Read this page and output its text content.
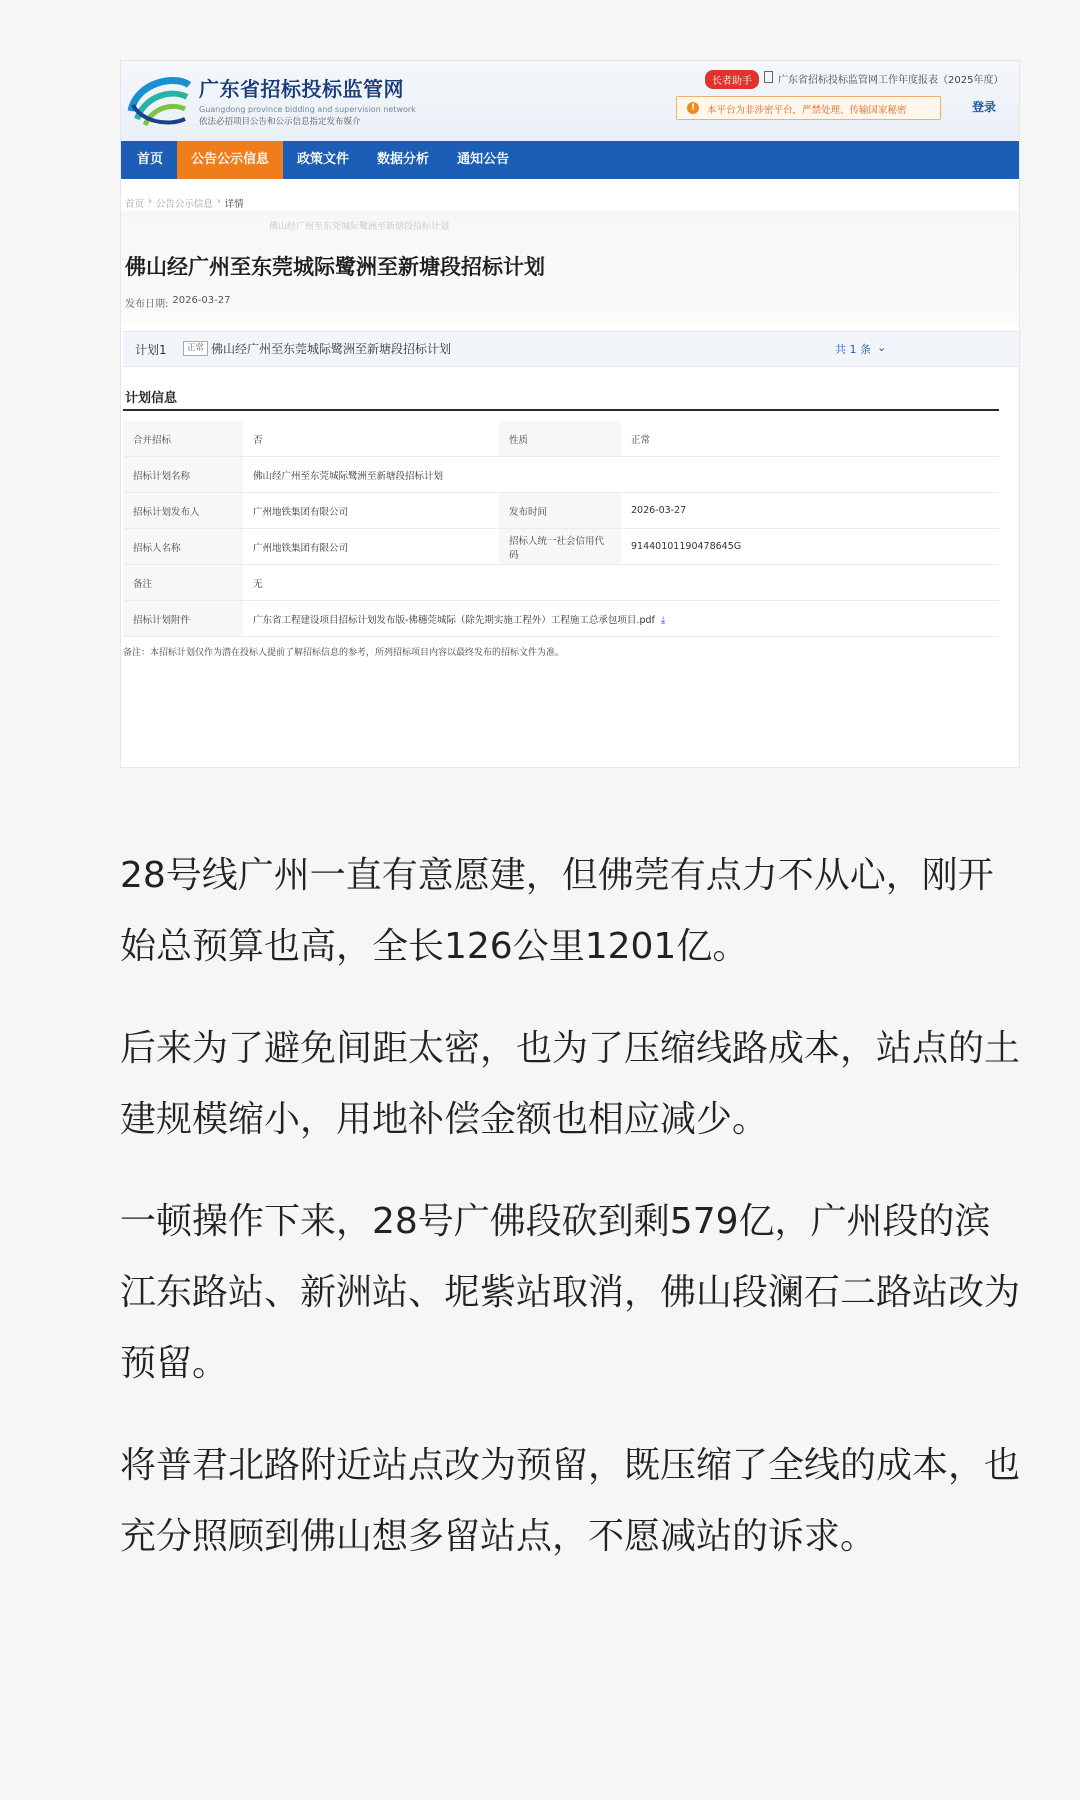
广东省招标投标监管网
Guangdong province bidding and supervision network
依法必招项目公告和公示信息指定发布媒介
长者助手	广东省招标投标监管网工作年度报表（2025年度）
!	本平台为非涉密平台，严禁处理、传输国家秘密	登录
首页	公告公示信息	政策文件	数据分析	通知公告
首页 › 公告公示信息 › 详情
佛山经广州至东莞城际鹭洲至新塘段招标计划
佛山经广州至东莞城际鹭洲至新塘段招标计划
发布日期: 2026-03-27
计划1	正常 佛山经广州至东莞城际鹭洲至新塘段招标计划	共 1 条 ⌄
计划信息
合并招标	否	性质	正常
招标计划名称	佛山经广州至东莞城际鹭洲至新塘段招标计划		
招标计划发布人	广州地铁集团有限公司	发布时间	2026-03-27
招标人名称	广州地铁集团有限公司	招标人统一社会信用代码	91440101190478645G
备注	无		
招标计划附件	广东省工程建设项目招标计划发布版-佛穗莞城际（除先期实施工程外）工程施工总承包项目.pdf ⤓		
备注：本招标计划仅作为潜在投标人提前了解招标信息的参考，所列招标项目内容以最终发布的招标文件为准。

28号线广州一直有意愿建，但佛莞有点力不从心，刚开始总预算也高，全长126公里1201亿。

后来为了避免间距太密，也为了压缩线路成本，站点的土建规模缩小，用地补偿金额也相应减少。

一顿操作下来，28号广佛段砍到剩579亿，广州段的滨江东路站、新洲站、坭紫站取消，佛山段澜石二路站改为预留。

将普君北路附近站点改为预留，既压缩了全线的成本，也充分照顾到佛山想多留站点，不愿减站的诉求。
